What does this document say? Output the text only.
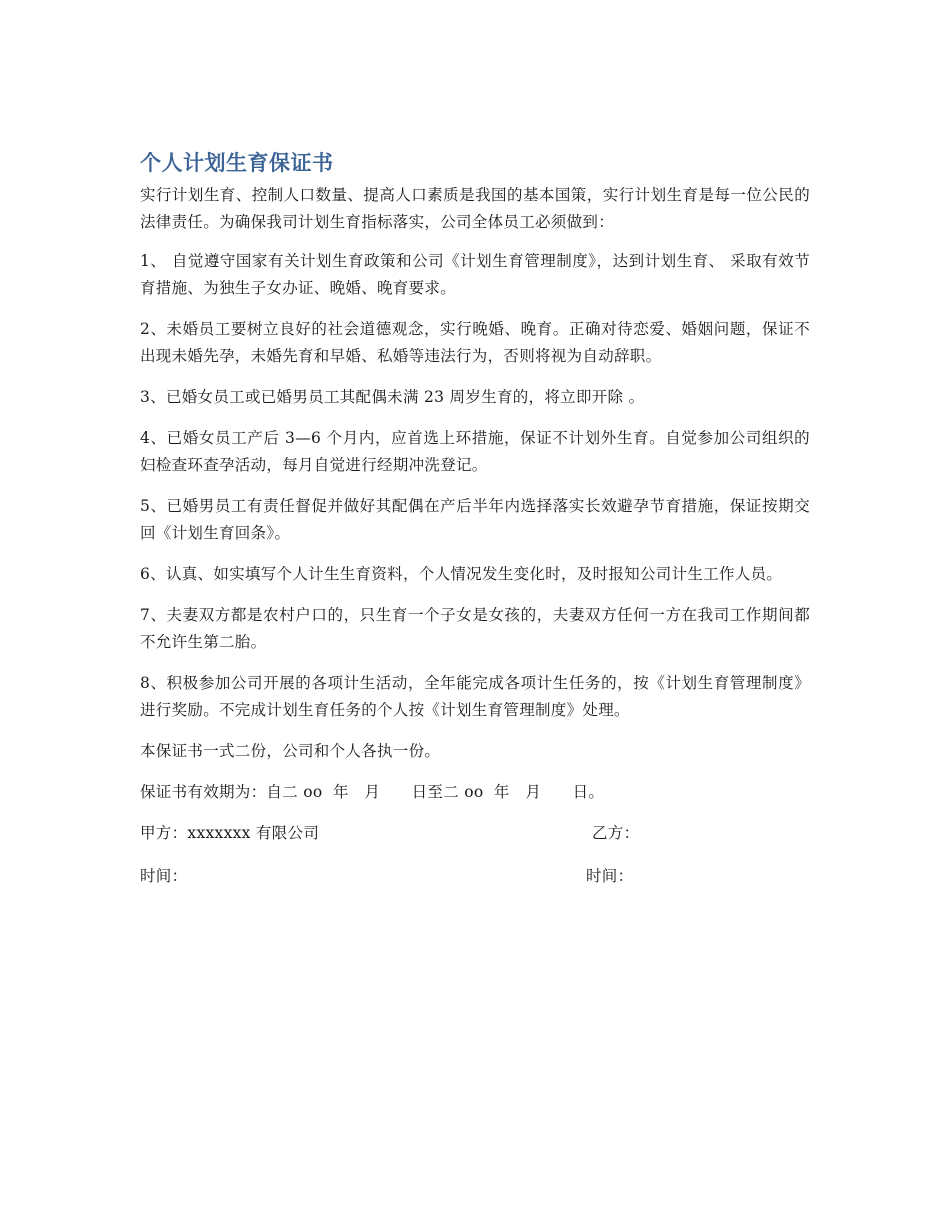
个人计划生育保证书

实行计划生育、控制人口数量、提高人口素质是我国的基本国策，实行计划生育是每一位公民的法律责任。为确保我司计划生育指标落实，公司全体员工必须做到：

1、 自觉遵守国家有关计划生育政策和公司《计划生育管理制度》，达到计划生育、 采取有效节育措施、为独生子女办证、晚婚、晚育要求。

2、未婚员工要树立良好的社会道德观念，实行晚婚、晚育。正确对待恋爱、婚姻问题，保证不出现未婚先孕，未婚先育和早婚、私婚等违法行为，否则将视为自动辞职。

3、已婚女员工或已婚男员工其配偶未满 23 周岁生育的，将立即开除 。

4、已婚女员工产后 3—6 个月内，应首选上环措施，保证不计划外生育。自觉参加公司组织的妇检查环查孕活动，每月自觉进行经期冲洗登记。

5、已婚男员工有责任督促并做好其配偶在产后半年内选择落实长效避孕节育措施，保证按期交回《计划生育回条》。

6、认真、如实填写个人计生生育资料，个人情况发生变化时，及时报知公司计生工作人员。

7、夫妻双方都是农村户口的，只生育一个子女是女孩的，夫妻双方任何一方在我司工作期间都不允许生第二胎。

8、积极参加公司开展的各项计生活动，全年能完成各项计生任务的，按《计划生育管理制度》进行奖励。不完成计划生育任务的个人按《计划生育管理制度》处理。

本保证书一式二份，公司和个人各执一份。

保证书有效期为：自二 oo  年   月      日至二 oo  年   月      日。

甲方：xxxxxxx 有限公司	乙方：
时间：	时间：
